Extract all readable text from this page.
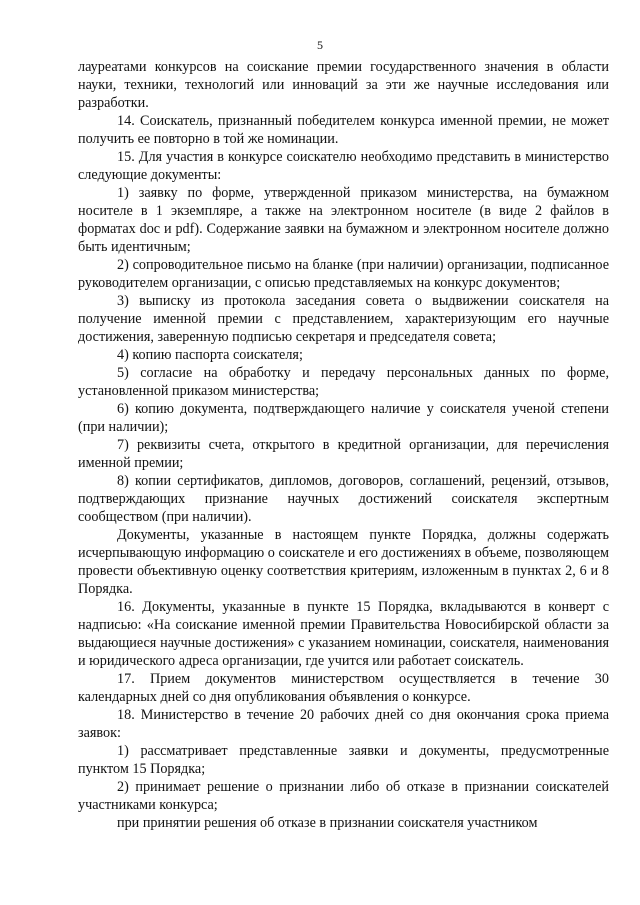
5

лауреатами конкурсов на соискание премии государственного значения в области науки, техники, технологий или инноваций за эти же научные исследования или разработки.

14. Соискатель, признанный победителем конкурса именной премии, не может получить ее повторно в той же номинации.

15. Для участия в конкурсе соискателю необходимо представить в министерство следующие документы:

1) заявку по форме, утвержденной приказом министерства, на бумажном носителе в 1 экземпляре, а также на электронном носителе (в виде 2 файлов в форматах doc и pdf). Содержание заявки на бумажном и электронном носителе должно быть идентичным;

2) сопроводительное письмо на бланке (при наличии) организации, подписанное руководителем организации, с описью представляемых на конкурс документов;

3) выписку из протокола заседания совета о выдвижении соискателя на получение именной премии с представлением, характеризующим его научные достижения, заверенную подписью секретаря и председателя совета;

4) копию паспорта соискателя;

5) согласие на обработку и передачу персональных данных по форме, установленной приказом министерства;

6) копию документа, подтверждающего наличие у соискателя ученой степени (при наличии);

7) реквизиты счета, открытого в кредитной организации, для перечисления именной премии;

8) копии сертификатов, дипломов, договоров, соглашений, рецензий, отзывов, подтверждающих признание научных достижений соискателя экспертным сообществом (при наличии).

Документы, указанные в настоящем пункте Порядка, должны содержать исчерпывающую информацию о соискателе и его достижениях в объеме, позволяющем провести объективную оценку соответствия критериям, изложенным в пунктах 2, 6 и 8 Порядка.

16. Документы, указанные в пункте 15 Порядка, вкладываются в конверт с надписью: «На соискание именной премии Правительства Новосибирской области за выдающиеся научные достижения» с указанием номинации, соискателя, наименования и юридического адреса организации, где учится или работает соискатель.

17. Прием документов министерством осуществляется в течение 30 календарных дней со дня опубликования объявления о конкурсе.

18. Министерство в течение 20 рабочих дней со дня окончания срока приема заявок:

1) рассматривает представленные заявки и документы, предусмотренные пунктом 15 Порядка;

2) принимает решение о признании либо об отказе в признании соискателей участниками конкурса;

при принятии решения об отказе в признании соискателя участником
